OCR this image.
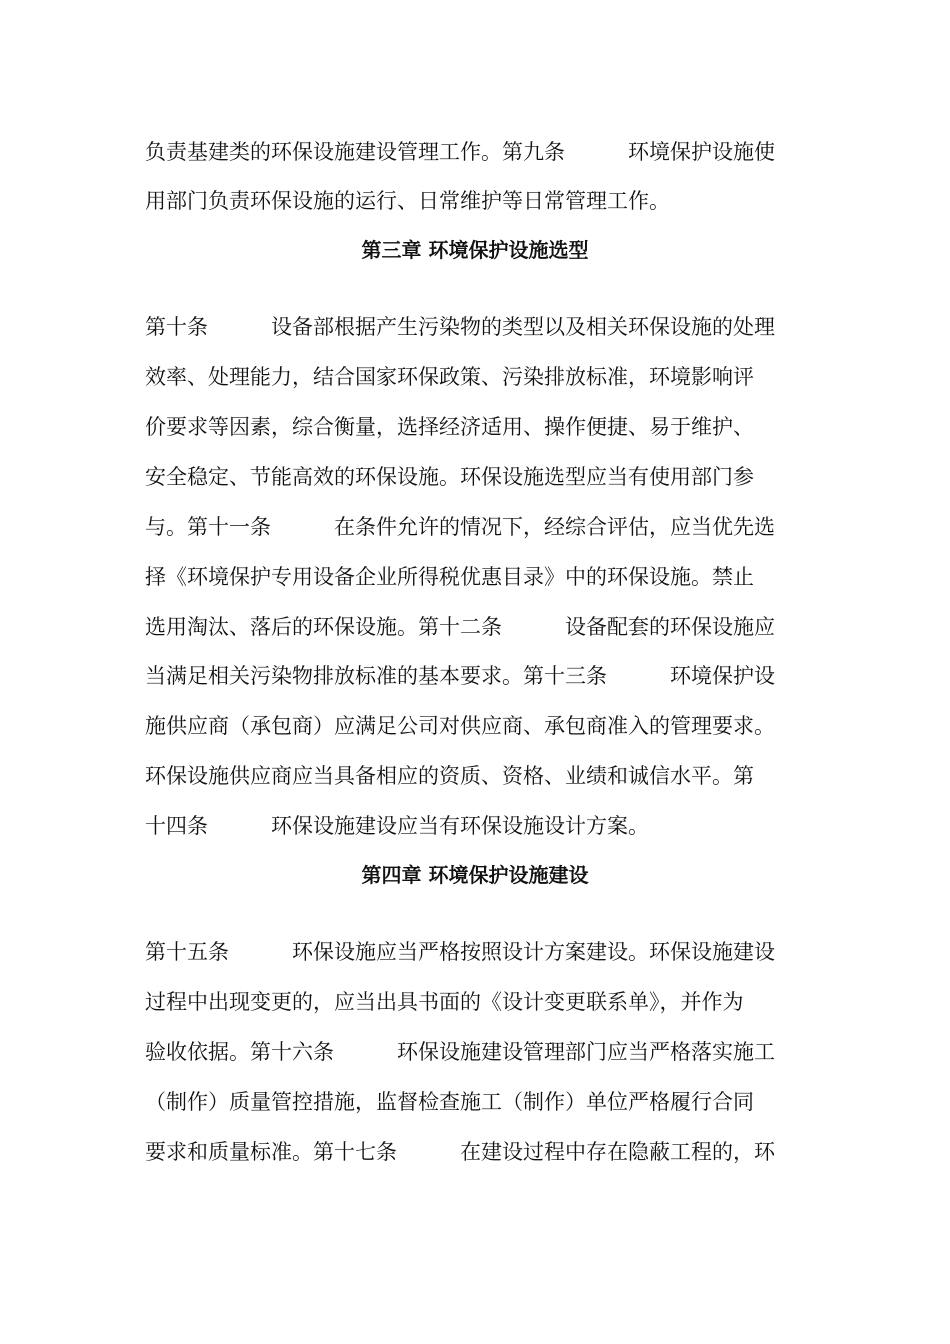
负责基建类的环保设施建设管理工作。第九条　　　环境保护设施使
用部门负责环保设施的运行、日常维护等日常管理工作。
第三章 环境保护设施选型
第十条　　　设备部根据产生污染物的类型以及相关环保设施的处理
效率、处理能力，结合国家环保政策、污染排放标准，环境影响评
价要求等因素，综合衡量，选择经济适用、操作便捷、易于维护、
安全稳定、节能高效的环保设施。环保设施选型应当有使用部门参
与。第十一条　　　在条件允许的情况下，经综合评估，应当优先选
择《环境保护专用设备企业所得税优惠目录》中的环保设施。禁止
选用淘汰、落后的环保设施。第十二条　　　设备配套的环保设施应
当满足相关污染物排放标准的基本要求。第十三条　　　环境保护设
施供应商（承包商）应满足公司对供应商、承包商准入的管理要求。
环保设施供应商应当具备相应的资质、资格、业绩和诚信水平。第
十四条　　　环保设施建设应当有环保设施设计方案。
第四章 环境保护设施建设
第十五条　　　环保设施应当严格按照设计方案建设。环保设施建设
过程中出现变更的，应当出具书面的《设计变更联系单》，并作为
验收依据。第十六条　　　环保设施建设管理部门应当严格落实施工
（制作）质量管控措施，监督检查施工（制作）单位严格履行合同
要求和质量标准。第十七条　　　在建设过程中存在隐蔽工程的，环
